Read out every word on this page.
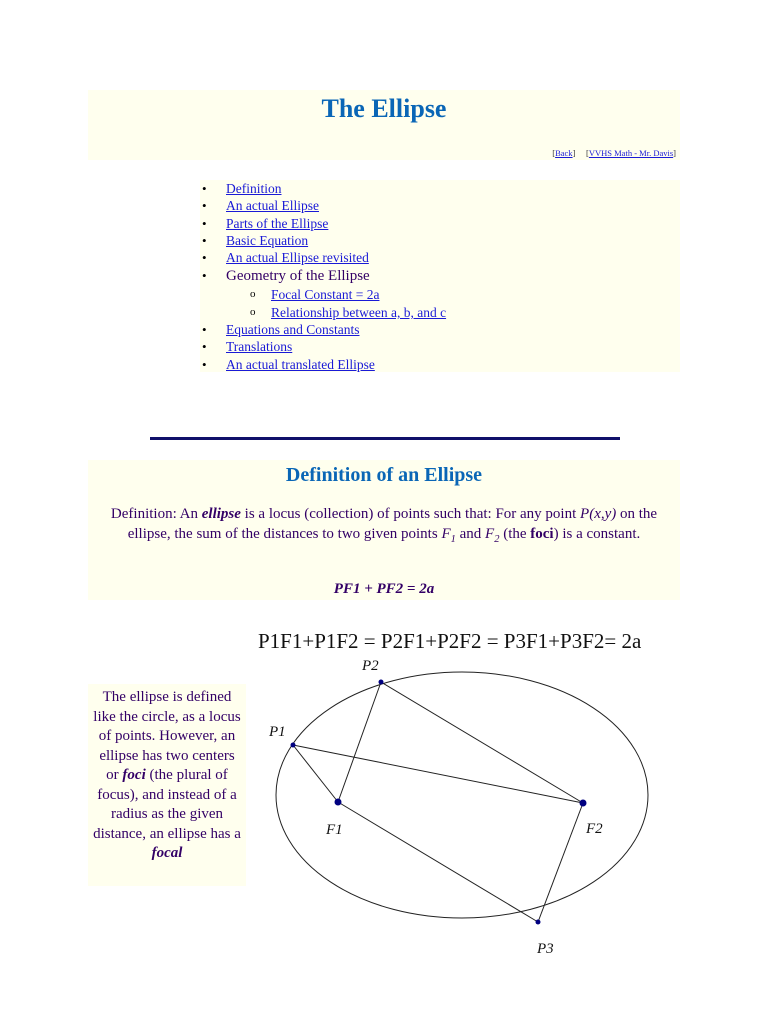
The Ellipse
[Back]     [VVHS Math - Mr. Davis]
• Definition
• An actual Ellipse
• Parts of the Ellipse
• Basic Equation
• An actual Ellipse revisited
• Geometry of the Ellipse
o Focal Constant = 2a
o Relationship between a, b, and c
• Equations and Constants
• Translations
• An actual translated Ellipse
Definition of an Ellipse

Definition: An ellipse is a locus (collection) of points such that: For any point P(x,y) on the ellipse, the sum of the distances to two given points $F_1$ and $F_2$ (the foci) is a constant.

PF1 + PF2 = 2a

The ellipse is defined like the circle, as a locus of points. However, an ellipse has two centers or foci (the plural of focus), and instead of a radius as the given distance, an ellipse has a focal

P1F1+P1F2 = P2F1+P2F2 = P3F1+P3F2= 2a
P2
P1
F1	F2
P3
